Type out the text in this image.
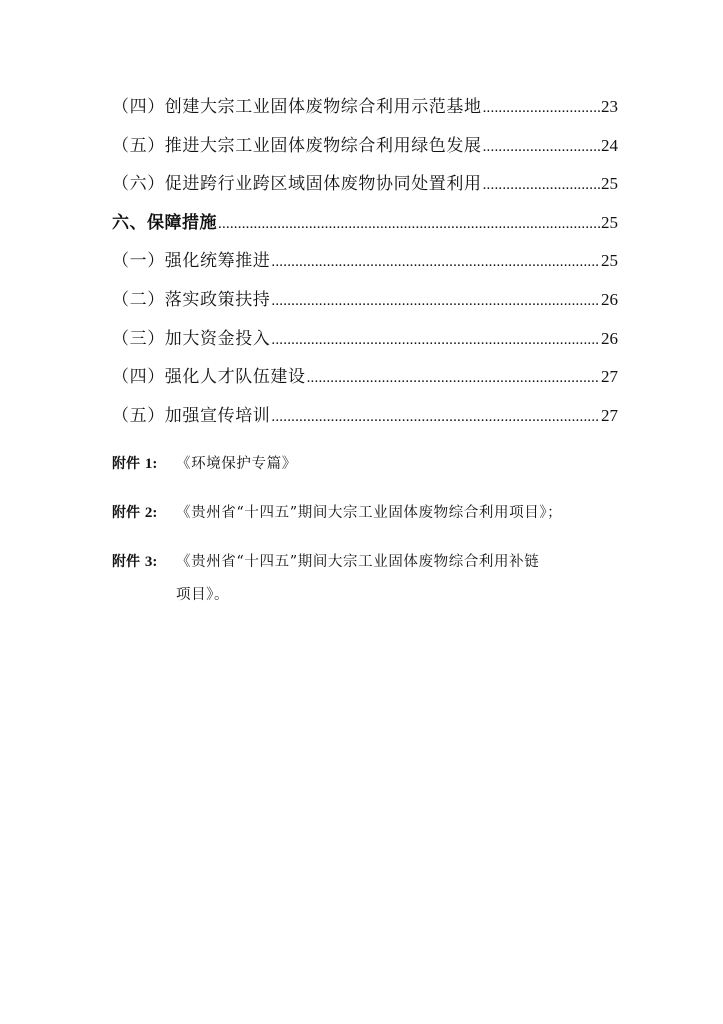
（四）创建大宗工业固体废物综合利用示范基地 .....	23
（五）推进大宗工业固体废物综合利用绿色发展 .....	24
（六）促进跨行业跨区域固体废物协同处置利用 .....	25
六、保障措施 .....	25
（一）强化统筹推进 .....	25
（二）落实政策扶持 .....	26
（三）加大资金投入 .....	26
（四）强化人才队伍建设 .....	27
（五）加强宣传培训 .....	27
附件 1:	《环境保护专篇》
附件 2:	《贵州省“十四五”期间大宗工业固体废物综合利用项目》；
附件 3:	《贵州省“十四五”期间大宗工业固体废物综合利用补链
项目》。
